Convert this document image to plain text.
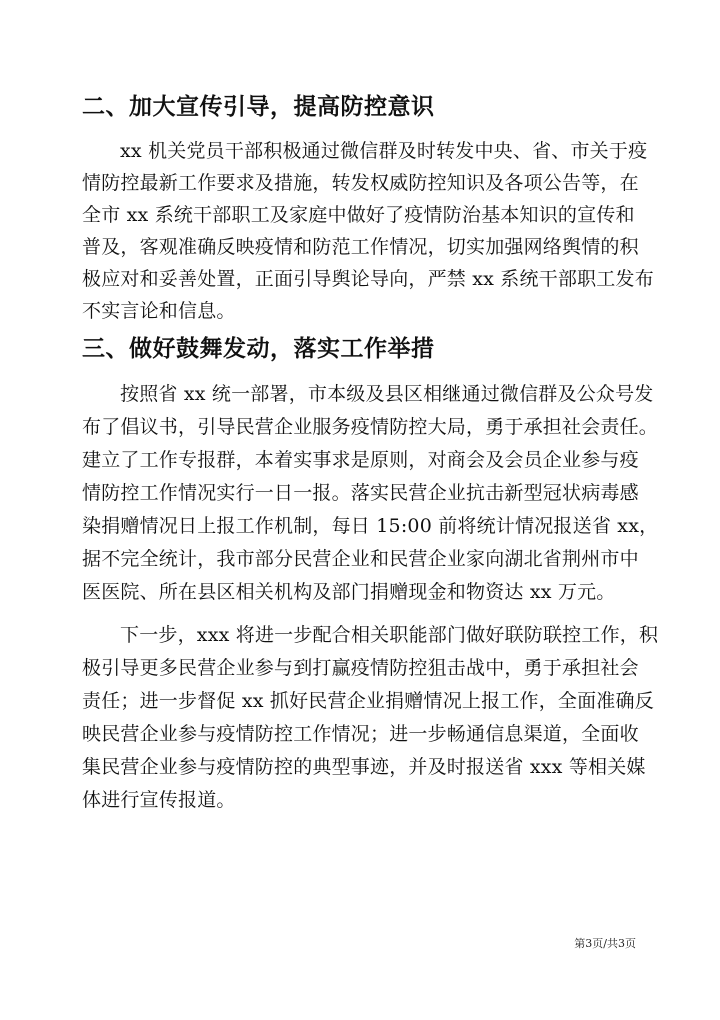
二、加大宣传引导，提高防控意识
xx 机关党员干部积极通过微信群及时转发中央、省、市关于疫
情防控最新工作要求及措施，转发权威防控知识及各项公告等，在
全市 xx 系统干部职工及家庭中做好了疫情防治基本知识的宣传和
普及，客观准确反映疫情和防范工作情况，切实加强网络舆情的积
极应对和妥善处置，正面引导舆论导向，严禁 xx 系统干部职工发布
不实言论和信息。
三、做好鼓舞发动，落实工作举措
按照省 xx 统一部署，市本级及县区相继通过微信群及公众号发
布了倡议书，引导民营企业服务疫情防控大局，勇于承担社会责任。
建立了工作专报群，本着实事求是原则，对商会及会员企业参与疫
情防控工作情况实行一日一报。落实民营企业抗击新型冠状病毒感
染捐赠情况日上报工作机制，每日 15:00 前将统计情况报送省 xx，
据不完全统计，我市部分民营企业和民营企业家向湖北省荆州市中
医医院、所在县区相关机构及部门捐赠现金和物资达 xx 万元。
下一步，xxx 将进一步配合相关职能部门做好联防联控工作，积
极引导更多民营企业参与到打赢疫情防控狙击战中，勇于承担社会
责任；进一步督促 xx 抓好民营企业捐赠情况上报工作，全面准确反
映民营企业参与疫情防控工作情况；进一步畅通信息渠道，全面收
集民营企业参与疫情防控的典型事迹，并及时报送省 xxx 等相关媒
体进行宣传报道。
第3页/共3页
